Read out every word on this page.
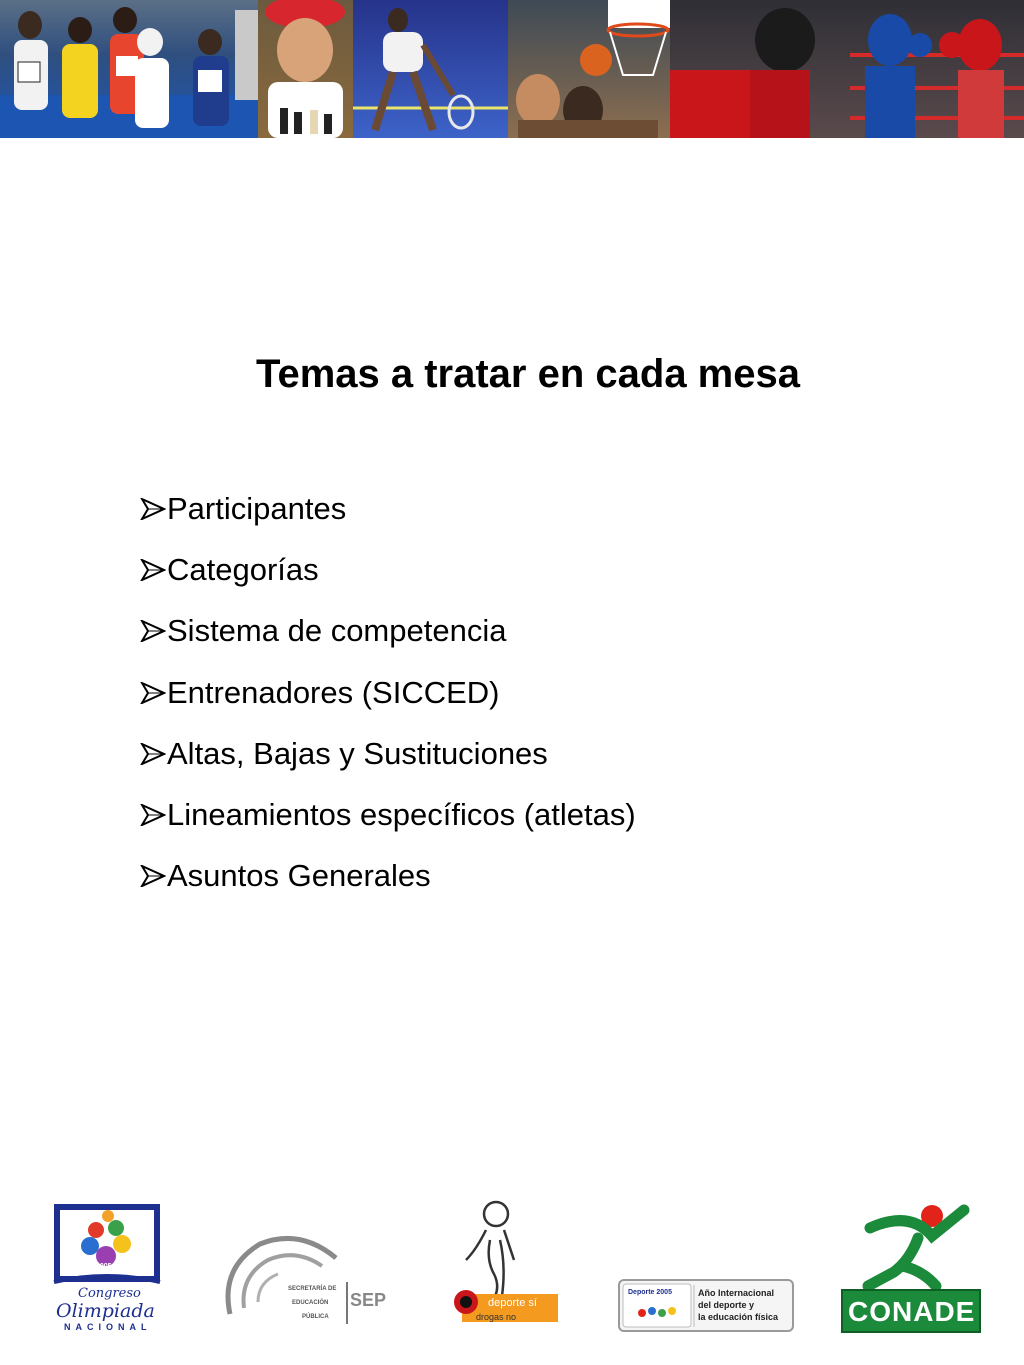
Temas a tratar en cada mesa
Participantes
Categorías
Sistema de competencia
Entrenadores (SICCED)
Altas, Bajas y Sustituciones
Lineamientos específicos (atletas)
Asuntos Generales
2005
Congreso
Olimpiada
NACIONAL
SECRETARÍA DE
EDUCACIÓN
PÚBLICA
SEP	deporte sí
drogas no
Deporte 2005	Año Internacional
del deporte y
la educación física CONADE
